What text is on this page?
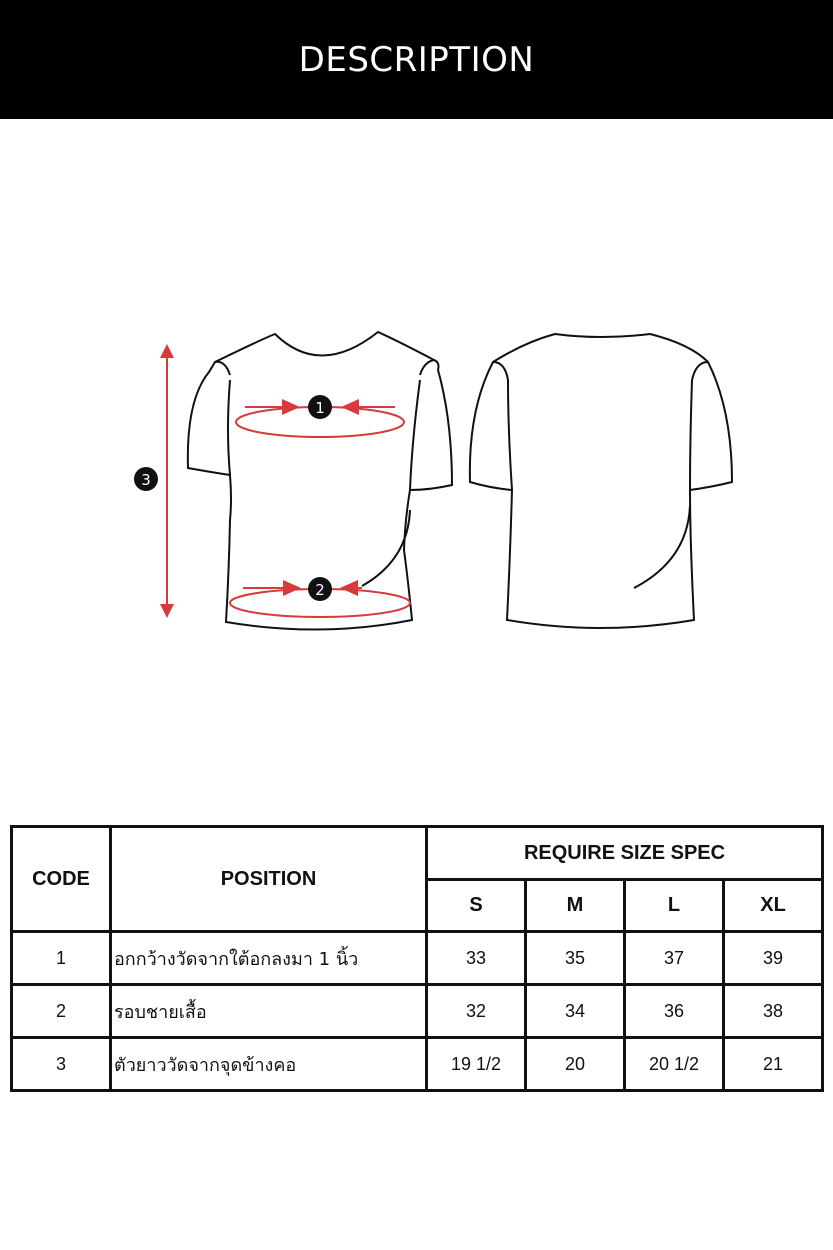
DESCRIPTION
1
2
3
CODE	POSITION	REQUIRE SIZE SPEC			
		S	M	L	XL
1	อกกว้างวัดจากใต้อกลงมา 1 นิ้ว	33	35	37	39
2	รอบชายเสื้อ	32	34	36	38
3	ตัวยาววัดจากจุดข้างคอ	19 1/2	20	20 1/2	21
